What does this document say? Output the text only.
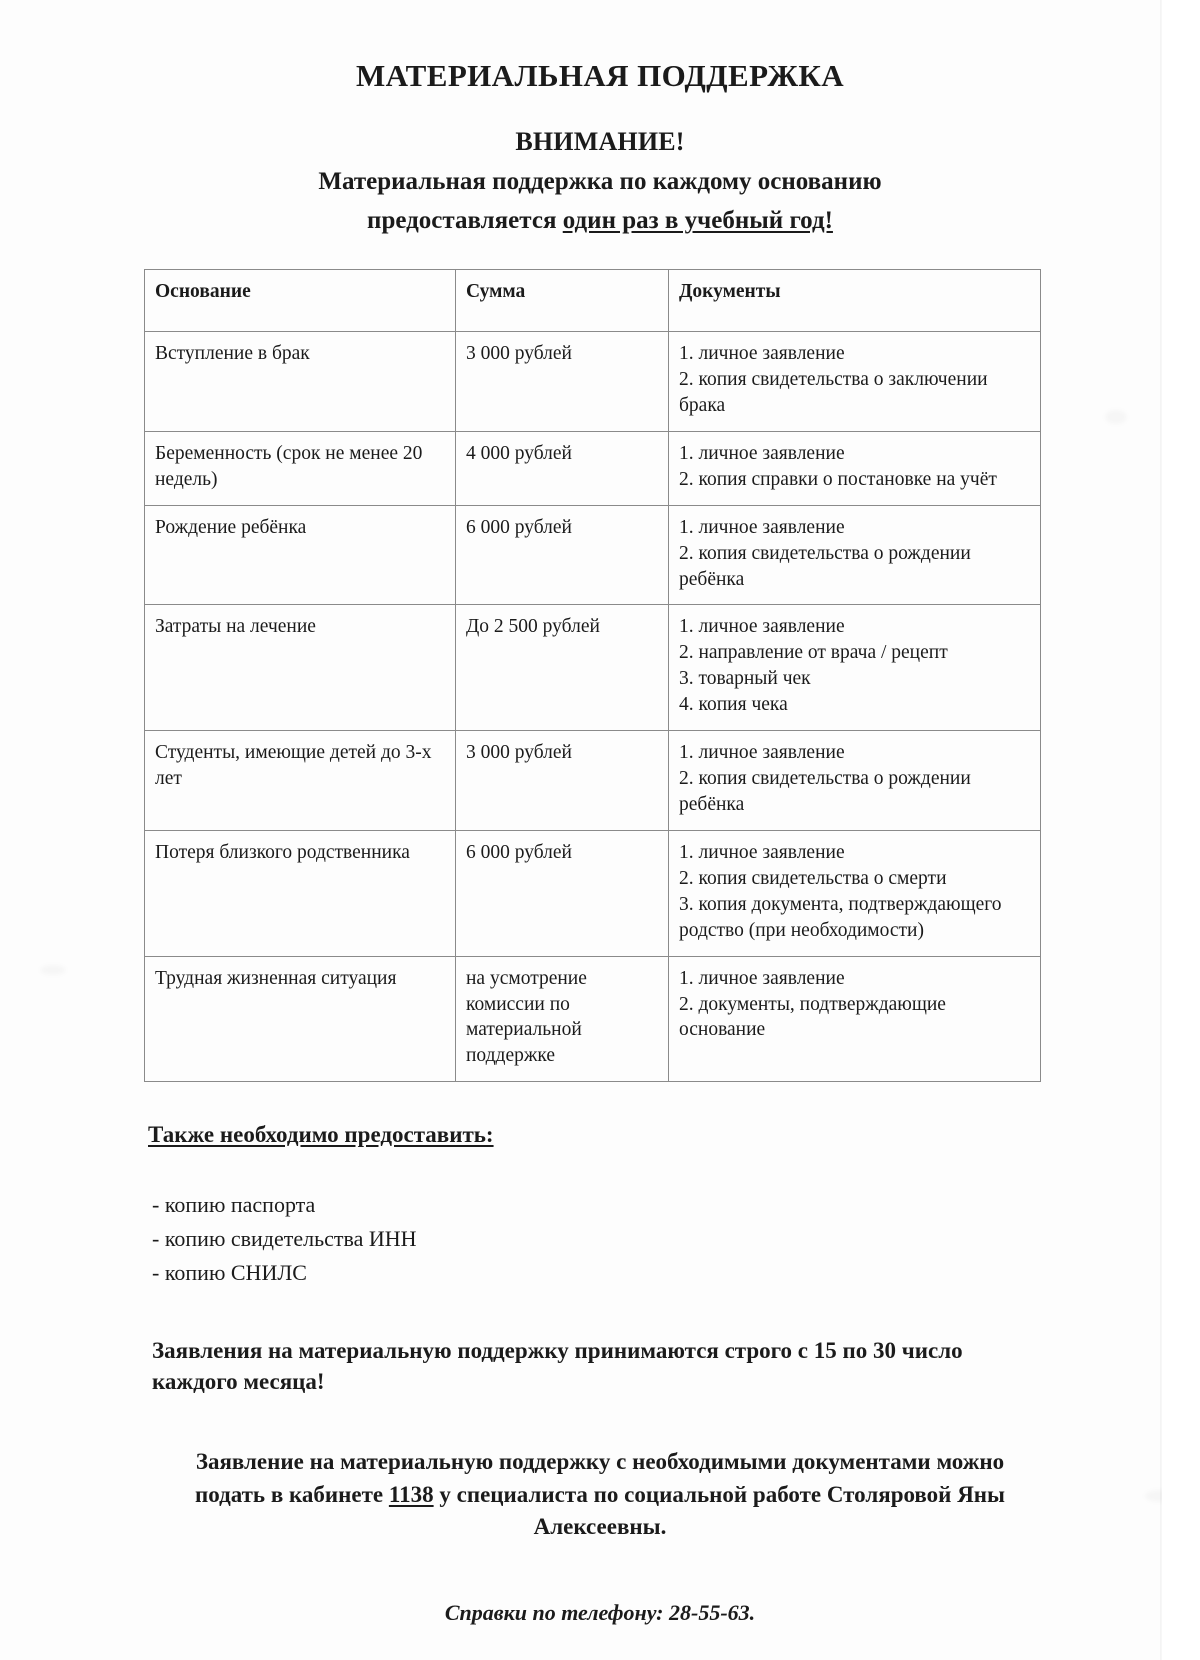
МАТЕРИАЛЬНАЯ ПОДДЕРЖКА
ВНИМАНИЕ!
Материальная поддержка по каждому основанию
предоставляется один раз в учебный год!
Основание	Сумма	Документы
Вступление в брак	3 000 рублей	1. личное заявление
2. копия свидетельства о заключении брака

Беременность (срок не менее 20 недель)	4 000 рублей	1. личное заявление
2. копия справки о постановке на учёт

Рождение ребёнка	6 000 рублей	1. личное заявление
2. копия свидетельства о рождении ребёнка

Затраты на лечение	До 2 500 рублей	1. личное заявление
2. направление от врача / рецепт
3. товарный чек
4. копия чека

Студенты, имеющие детей до 3-х лет	3 000 рублей	1. личное заявление
2. копия свидетельства о рождении ребёнка

Потеря близкого родственника	6 000 рублей	1. личное заявление
2. копия свидетельства о смерти
3. копия документа, подтверждающего родство (при необходимости)

Трудная жизненная ситуация	на усмотрение комиссии по материальной поддержке	1. личное заявление
2. документы, подтверждающие основание
Также необходимо предоставить:
- копию паспорта
- копию свидетельства ИНН
- копию СНИЛС
Заявления на материальную поддержку принимаются строго с 15 по 30 число каждого месяца!
Заявление на материальную поддержку с необходимыми документами можно подать в кабинете 1138 у специалиста по социальной работе Столяровой Яны Алексеевны.
Справки по телефону: 28-55-63.
